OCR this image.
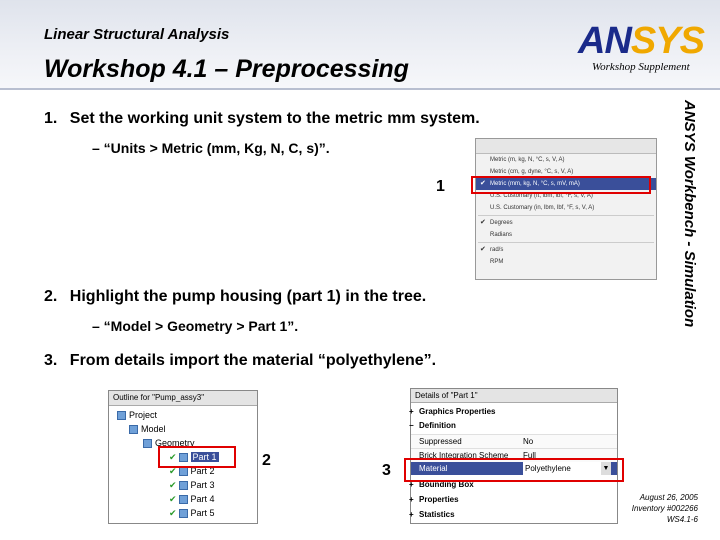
Linear Structural Analysis
Workshop 4.1 – Preprocessing
ANSYS
Workshop Supplement
ANSYS Workbench - Simulation
1. Set the working unit system to the metric mm system.
– “Units > Metric (mm, Kg, N, C, s)”.
1
Metric (m, kg, N, °C, s, V, A)
Metric (cm, g, dyne, °C, s, V, A)
✔ Metric (mm, kg, N, °C, s, mV, mA)
U.S. Customary (ft, lbm, lbf, °F, s, V, A)
U.S. Customary (in, lbm, lbf, °F, s, V, A)
✔ Degrees
Radians
✔ rad/s
RPM
2. Highlight the pump housing (part 1) in the tree.
– “Model > Geometry > Part 1”.
3. From details import the material “polyethylene”.
Outline for "Pump_assy3"
Project
Model
Geometry
✔ Part 1
✔ Part 2
✔ Part 3
✔ Part 4
✔ Part 5
2
Details of "Part 1"
+ Graphics Properties
− Definition
Suppressed	No
Brick Integration Scheme Full
Material	Polyethylene	▼
+ Bounding Box
+ Properties
+ Statistics
3
August 26, 2005
Inventory #002266
WS4.1-6
